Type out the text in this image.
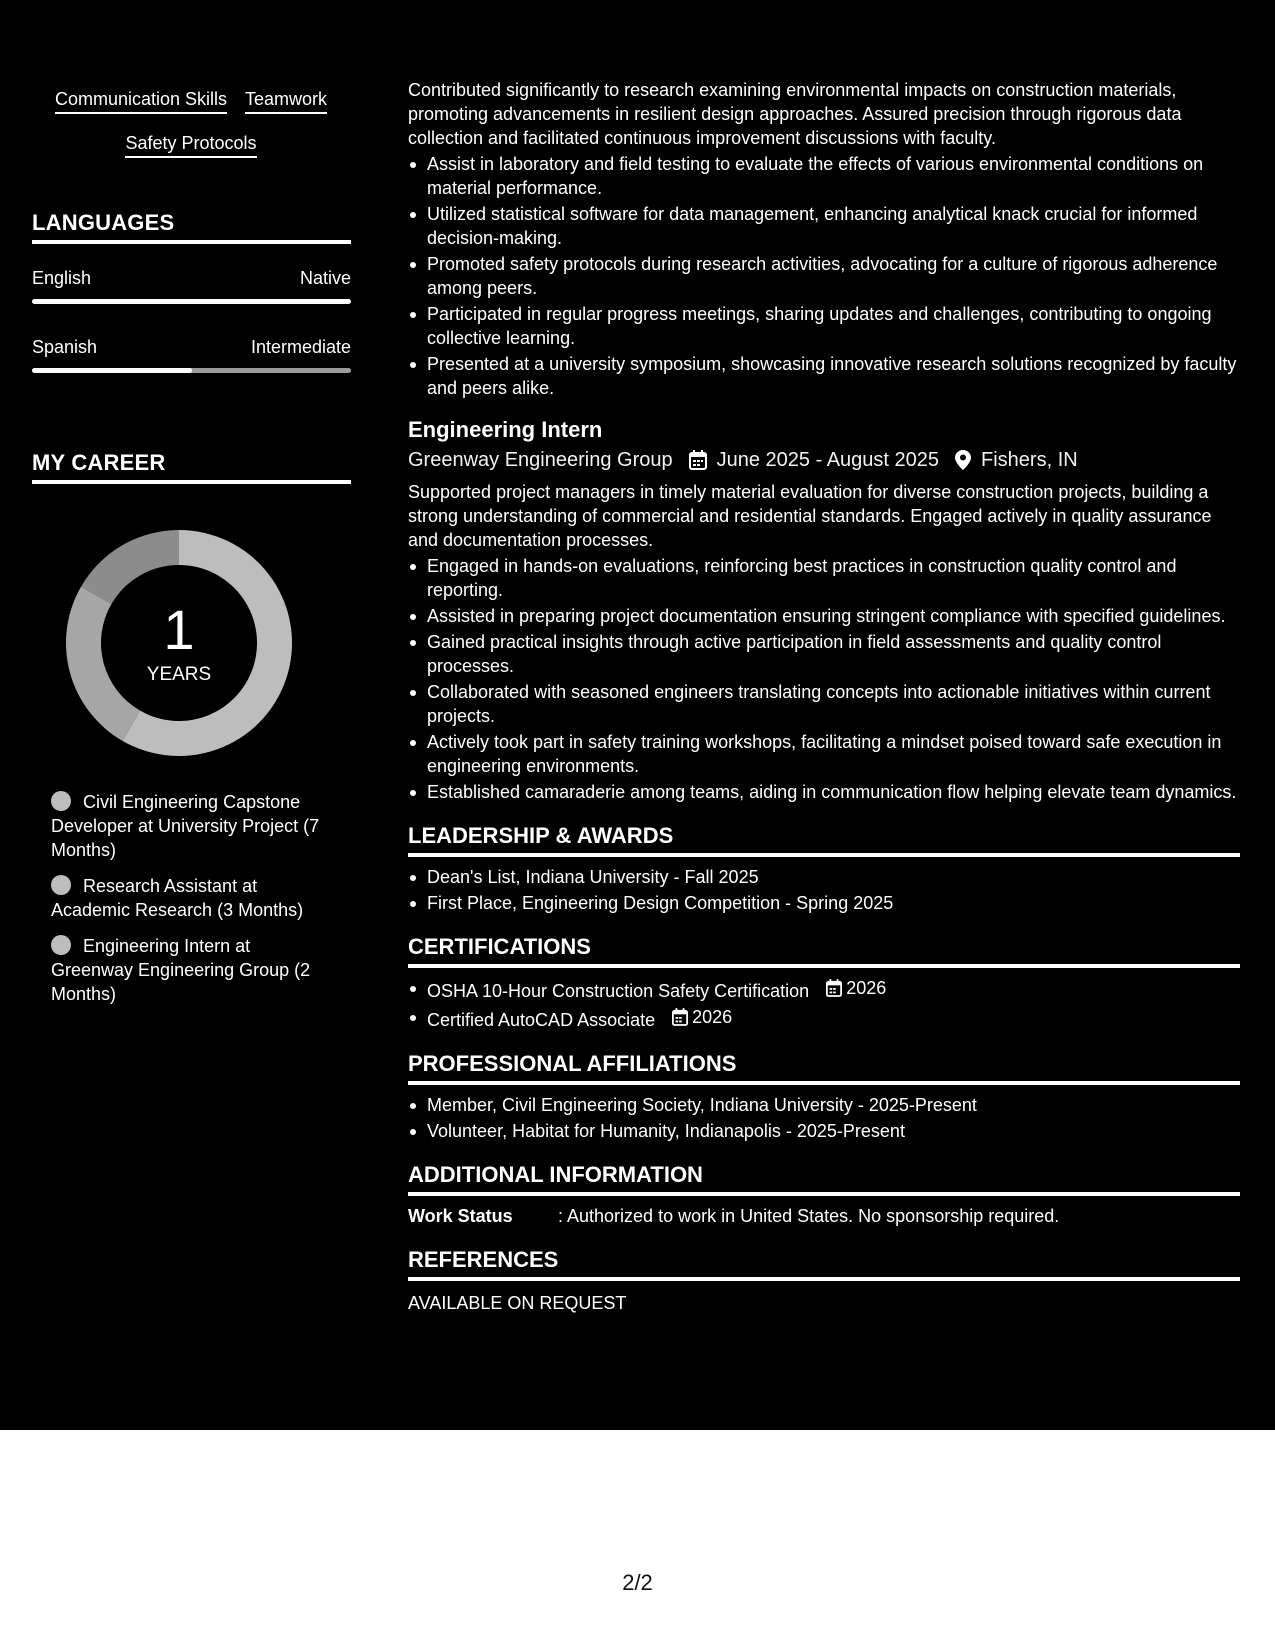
Communication Skills Teamwork
Safety Protocols
LANGUAGES
English	Native
Spanish	Intermediate
MY CAREER
1
YEARS
Civil Engineering Capstone Developer at University Project (7 Months)
Research Assistant at Academic Research (3 Months)
Engineering Intern at Greenway Engineering Group (2 Months)

Contributed significantly to research examining environmental impacts on construction materials, promoting advancements in resilient design approaches. Assured precision through rigorous data collection and facilitated continuous improvement discussions with faculty.

Assist in laboratory and field testing to evaluate the effects of various environmental conditions on material performance.
Utilized statistical software for data management, enhancing analytical knack crucial for informed decision-making.
Promoted safety protocols during research activities, advocating for a culture of rigorous adherence among peers.
Participated in regular progress meetings, sharing updates and challenges, contributing to ongoing collective learning.
Presented at a university symposium, showcasing innovative research solutions recognized by faculty and peers alike.
Engineering Intern
Greenway Engineering Group June 2025 - August 2025 Fishers, IN

Supported project managers in timely material evaluation for diverse construction projects, building a strong understanding of commercial and residential standards. Engaged actively in quality assurance and documentation processes.

Engaged in hands-on evaluations, reinforcing best practices in construction quality control and reporting.
Assisted in preparing project documentation ensuring stringent compliance with specified guidelines.
Gained practical insights through active participation in field assessments and quality control processes.
Collaborated with seasoned engineers translating concepts into actionable initiatives within current projects.
Actively took part in safety training workshops, facilitating a mindset poised toward safe execution in engineering environments.
Established camaraderie among teams, aiding in communication flow helping elevate team dynamics.
LEADERSHIP & AWARDS
Dean's List, Indiana University - Fall 2025
First Place, Engineering Design Competition - Spring 2025
CERTIFICATIONS
OSHA 10-Hour Construction Safety Certification 2026
Certified AutoCAD Associate 2026
PROFESSIONAL AFFILIATIONS
Member, Civil Engineering Society, Indiana University - 2025-Present
Volunteer, Habitat for Humanity, Indianapolis - 2025-Present
ADDITIONAL INFORMATION
Work Status	: Authorized to work in United States. No sponsorship required.
REFERENCES

AVAILABLE ON REQUEST

2/2
